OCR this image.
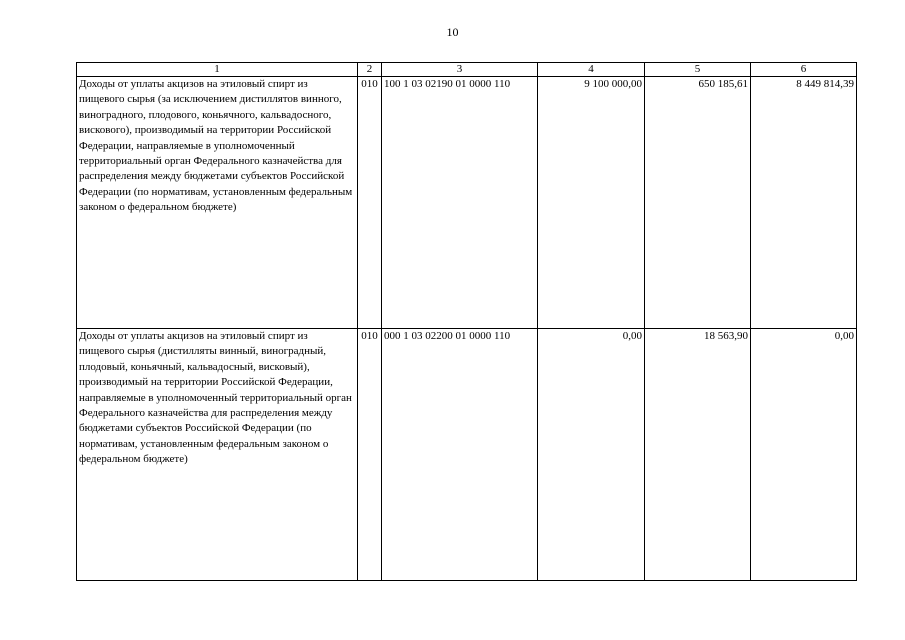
10
1	2	3	4	5	6
Доходы от уплаты акцизов на этиловый спирт из пищевого сырья (за исключением дистиллятов винного, виноградного, плодового, коньячного, кальвадосного, вискового), производимый на территории Российской Федерации, направляемые в уполномоченный территориальный орган Федерального казначейства для распределения между бюджетами субъектов Российской Федерации (по нормативам, установленным федеральным законом о федеральном бюджете)	010	100 1 03 02190 01 0000 110	9 100 000,00	650 185,61	8 449 814,39
Доходы от уплаты акцизов на этиловый спирт из пищевого сырья (дистилляты винный, виноградный, плодовый, коньячный, кальвадосный, висковый), производимый на территории Российской Федерации, направляемые в уполномоченный территориальный орган Федерального казначейства для распределения между бюджетами субъектов Российской Федерации (по нормативам, установленным федеральным законом о федеральном бюджете)	010	000 1 03 02200 01 0000 110	0,00	18 563,90	0,00
